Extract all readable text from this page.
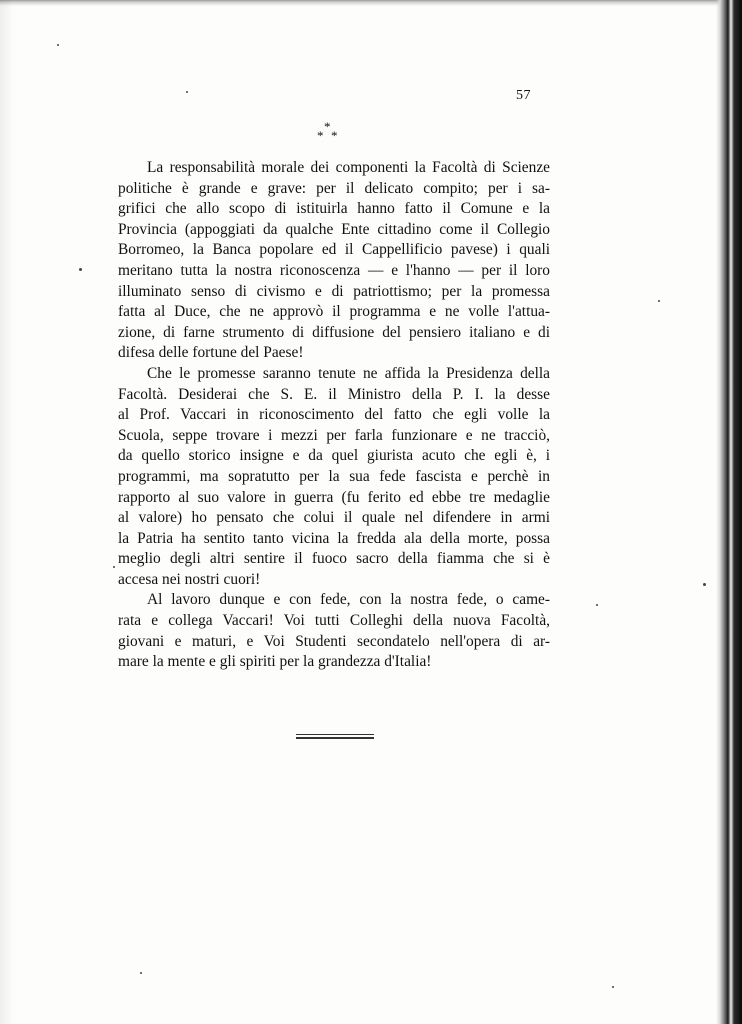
57
*
* *
La responsabilità morale dei componenti la Facoltà di Scienze
politiche è grande e grave: per il delicato compito; per i sa-
grifici che allo scopo di istituirla hanno fatto il Comune e la
Provincia (appoggiati da qualche Ente cittadino come il Collegio
Borromeo, la Banca popolare ed il Cappellificio pavese) i quali
meritano tutta la nostra riconoscenza — e l'hanno — per il loro
illuminato senso di civismo e di patriottismo; per la promessa
fatta al Duce, che ne approvò il programma e ne volle l'attua-
zione, di farne strumento di diffusione del pensiero italiano e di
difesa delle fortune del Paese!
Che le promesse saranno tenute ne affida la Presidenza della
Facoltà. Desiderai che S. E. il Ministro della P. I. la desse
al Prof. Vaccari in riconoscimento del fatto che egli volle la
Scuola, seppe trovare i mezzi per farla funzionare e ne tracciò,
da quello storico insigne e da quel giurista acuto che egli è, i
programmi, ma sopratutto per la sua fede fascista e perchè in
rapporto al suo valore in guerra (fu ferito ed ebbe tre medaglie
al valore) ho pensato che colui il quale nel difendere in armi
la Patria ha sentito tanto vicina la fredda ala della morte, possa
meglio degli altri sentire il fuoco sacro della fiamma che si è
accesa nei nostri cuori!
Al lavoro dunque e con fede, con la nostra fede, o came-
rata e collega Vaccari! Voi tutti Colleghi della nuova Facoltà,
giovani e maturi, e Voi Studenti secondatelo nell'opera di ar-
mare la mente e gli spiriti per la grandezza d'Italia!
